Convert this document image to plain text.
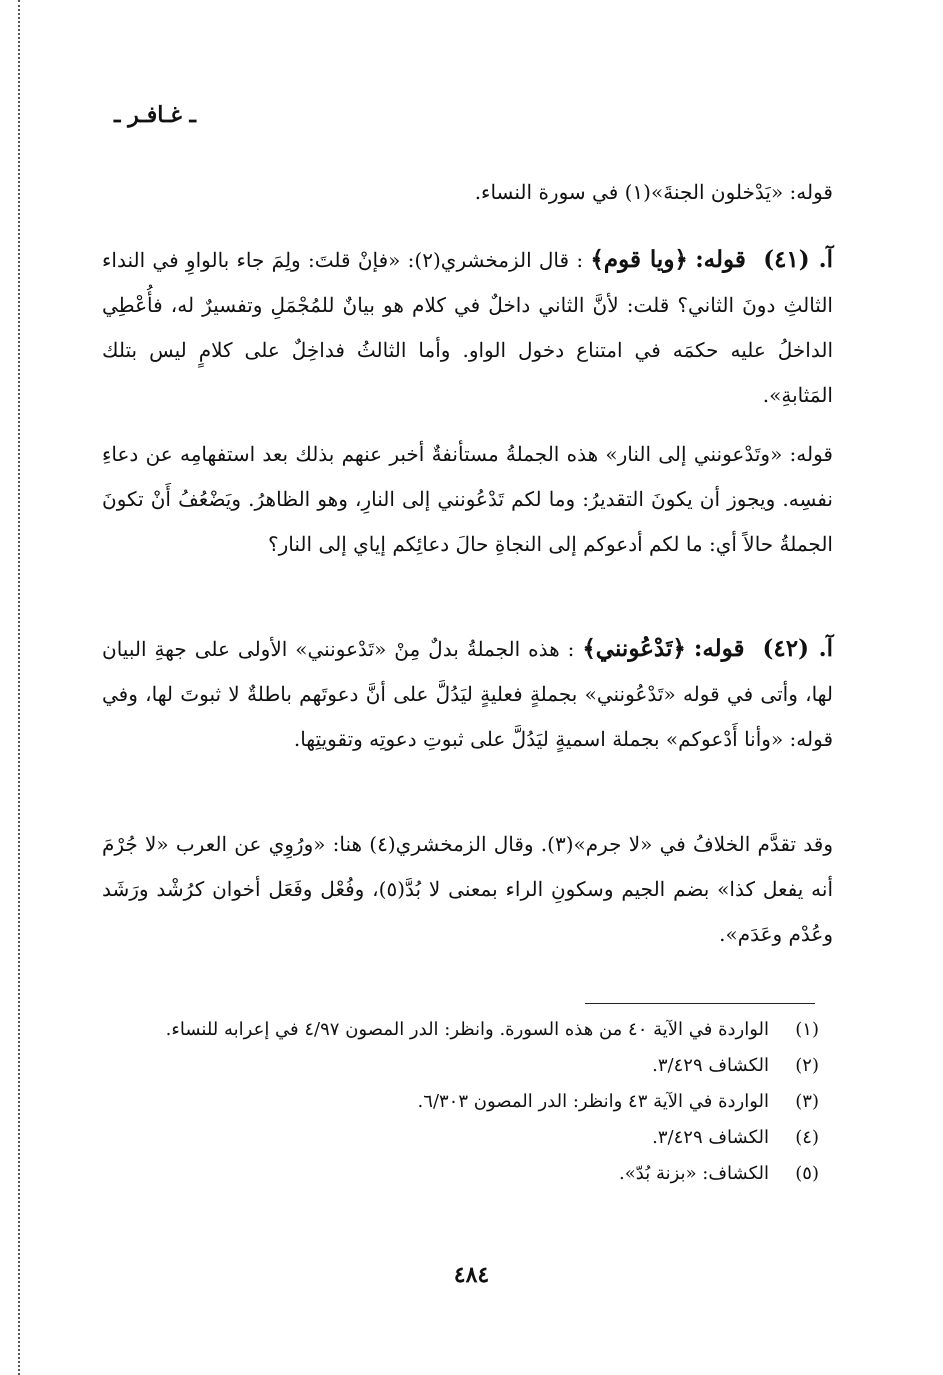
ـ غـافـر ـ

قوله: «يَدْخلون الجنةَ»(١) في سورة النساء.

آ. (٤١) قوله: ﴿ويا قوم﴾ : قال الزمخشري(٢): «فإنْ قلتَ: ولِمَ جاء بالواوِ في النداء الثالثِ دونَ الثاني؟ قلت: لأنَّ الثاني داخلٌ في كلام هو بيانٌ للمُجْمَلِ وتفسيرٌ له، فأُعْطِي الداخلُ عليه حكمَه في امتناع دخول الواو. وأما الثالثُ فداخِلٌ على كلامٍ ليس بتلك المَثابةِ».

قوله: «وتَدْعونني إلى النار» هذه الجملةُ مستأنفةٌ أخبر عنهم بذلك بعد استفهامِه عن دعاءِ نفسِه. ويجوز أن يكونَ التقديرُ: وما لكم تَدْعُونني إلى النارِ، وهو الظاهرُ. ويَضْعُفُ أَنْ تكونَ الجملةُ حالاً أي: ما لكم أدعوكم إلى النجاةِ حالَ دعائِكم إياي إلى النار؟

آ. (٤٢) قوله: ﴿تَدْعُونني﴾ : هذه الجملةُ بدلٌ مِنْ «تَدْعونني» الأولى على جهةِ البيان لها، وأتى في قوله «تَدْعُونني» بجملةٍ فعليةٍ ليَدُلَّ على أنَّ دعوتَهم باطلةٌ لا ثبوتَ لها، وفي قوله: «وأنا أَدْعوكم» بجملة اسميةٍ ليَدُلَّ على ثبوتِ دعوتِه وتقويتِها.

وقد تقدَّم الخلافُ في «لا جرم»(٣). وقال الزمخشري(٤) هنا: «ورُوِي عن العرب «لا جُرْمَ أنه يفعل كذا» بضم الجيم وسكونِ الراء بمعنى لا بُدَّ(٥)، وفُعْل وفَعَل أخوان كرُشْد ورَشَد وعُدْم وعَدَم».

(١)
الواردة في الآية ٤٠ من هذه السورة. وانظر: الدر المصون ٤/٩٧ في إعرابه للنساء.
(٢)
الكشاف ٣/٤٢٩.
(٣)
الواردة في الآية ٤٣ وانظر: الدر المصون ٦/٣٠٣.
(٤)
الكشاف ٣/٤٢٩.
(٥)
الكشاف: «بزنة بُدّ».
٤٨٤
